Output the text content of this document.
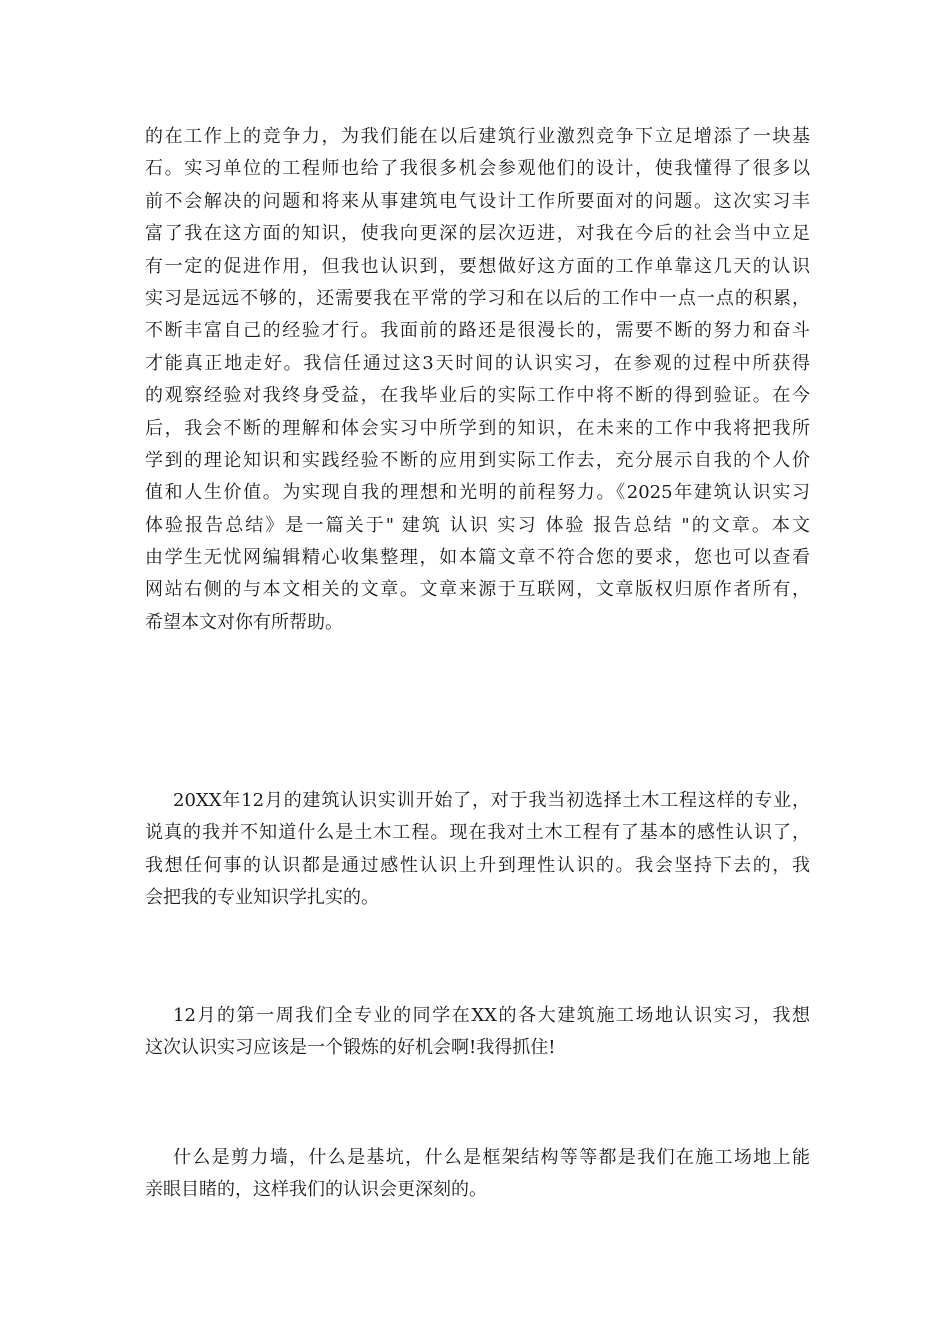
的在工作上的竞争力，为我们能在以后建筑行业激烈竞争下立足增添了一块基
石。实习单位的工程师也给了我很多机会参观他们的设计，使我懂得了很多以
前不会解决的问题和将来从事建筑电气设计工作所要面对的问题。这次实习丰
富了我在这方面的知识，使我向更深的层次迈进，对我在今后的社会当中立足
有一定的促进作用，但我也认识到，要想做好这方面的工作单靠这几天的认识
实习是远远不够的，还需要我在平常的学习和在以后的工作中一点一点的积累，
不断丰富自己的经验才行。我面前的路还是很漫长的，需要不断的努力和奋斗
才能真正地走好。我信任通过这3天时间的认识实习，在参观的过程中所获得
的观察经验对我终身受益，在我毕业后的实际工作中将不断的得到验证。在今
后，我会不断的理解和体会实习中所学到的知识，在未来的工作中我将把我所
学到的理论知识和实践经验不断的应用到实际工作去，充分展示自我的个人价
值和人生价值。为实现自我的理想和光明的前程努力。《2025年建筑认识实习
体验报告总结》是一篇关于" 建筑 认识 实习 体验 报告总结 "的文章。本文
由学生无忧网编辑精心收集整理，如本篇文章不符合您的要求，您也可以查看
网站右侧的与本文相关的文章。文章来源于互联网，文章版权归原作者所有，
希望本文对你有所帮助。
20XX年12月的建筑认识实训开始了，对于我当初选择土木工程这样的专业，
说真的我并不知道什么是土木工程。现在我对土木工程有了基本的感性认识了，
我想任何事的认识都是通过感性认识上升到理性认识的。我会坚持下去的，我
会把我的专业知识学扎实的。
12月的第一周我们全专业的同学在XX的各大建筑施工场地认识实习，我想
这次认识实习应该是一个锻炼的好机会啊!我得抓住!
什么是剪力墙，什么是基坑，什么是框架结构等等都是我们在施工场地上能
亲眼目睹的，这样我们的认识会更深刻的。
